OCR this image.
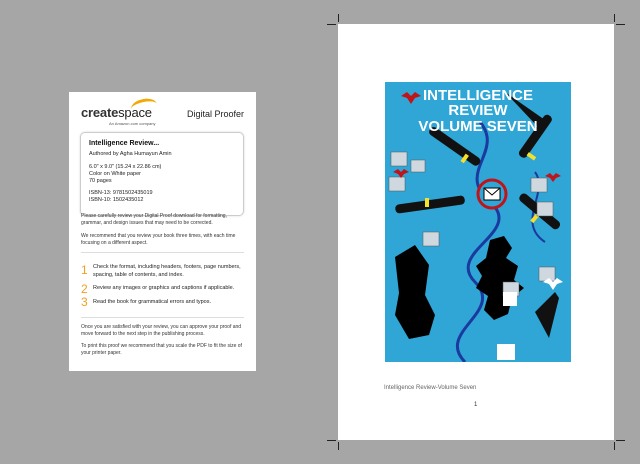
createspace
An Amazon.com company
Digital Proofer
Intelligence Review...
Authored by Agha Humayun Amin
6.0" x 9.0" (15.24 x 22.86 cm)
Color on White paper
70 pages
ISBN-13: 9781502435019
ISBN-10: 1502435012
Please carefully review your Digital Proof download for formatting, grammar, and design issues that may need to be corrected.
We recommend that you review your book three times, with each time focusing on a different aspect.
1 Check the format, including headers, footers, page numbers, spacing, table of contents, and index.
2 Review any images or graphics and captions if applicable.
3 Read the book for grammatical errors and typos.
Once you are satisfied with your review, you can approve your proof and move forward to the next step in the publishing process.
To print this proof we recommend that you scale the PDF to fit the size of your printer paper.
INTELLIGENCE
REVIEW
VOLUME SEVEN
Intelligence Review-Volume Seven
1
